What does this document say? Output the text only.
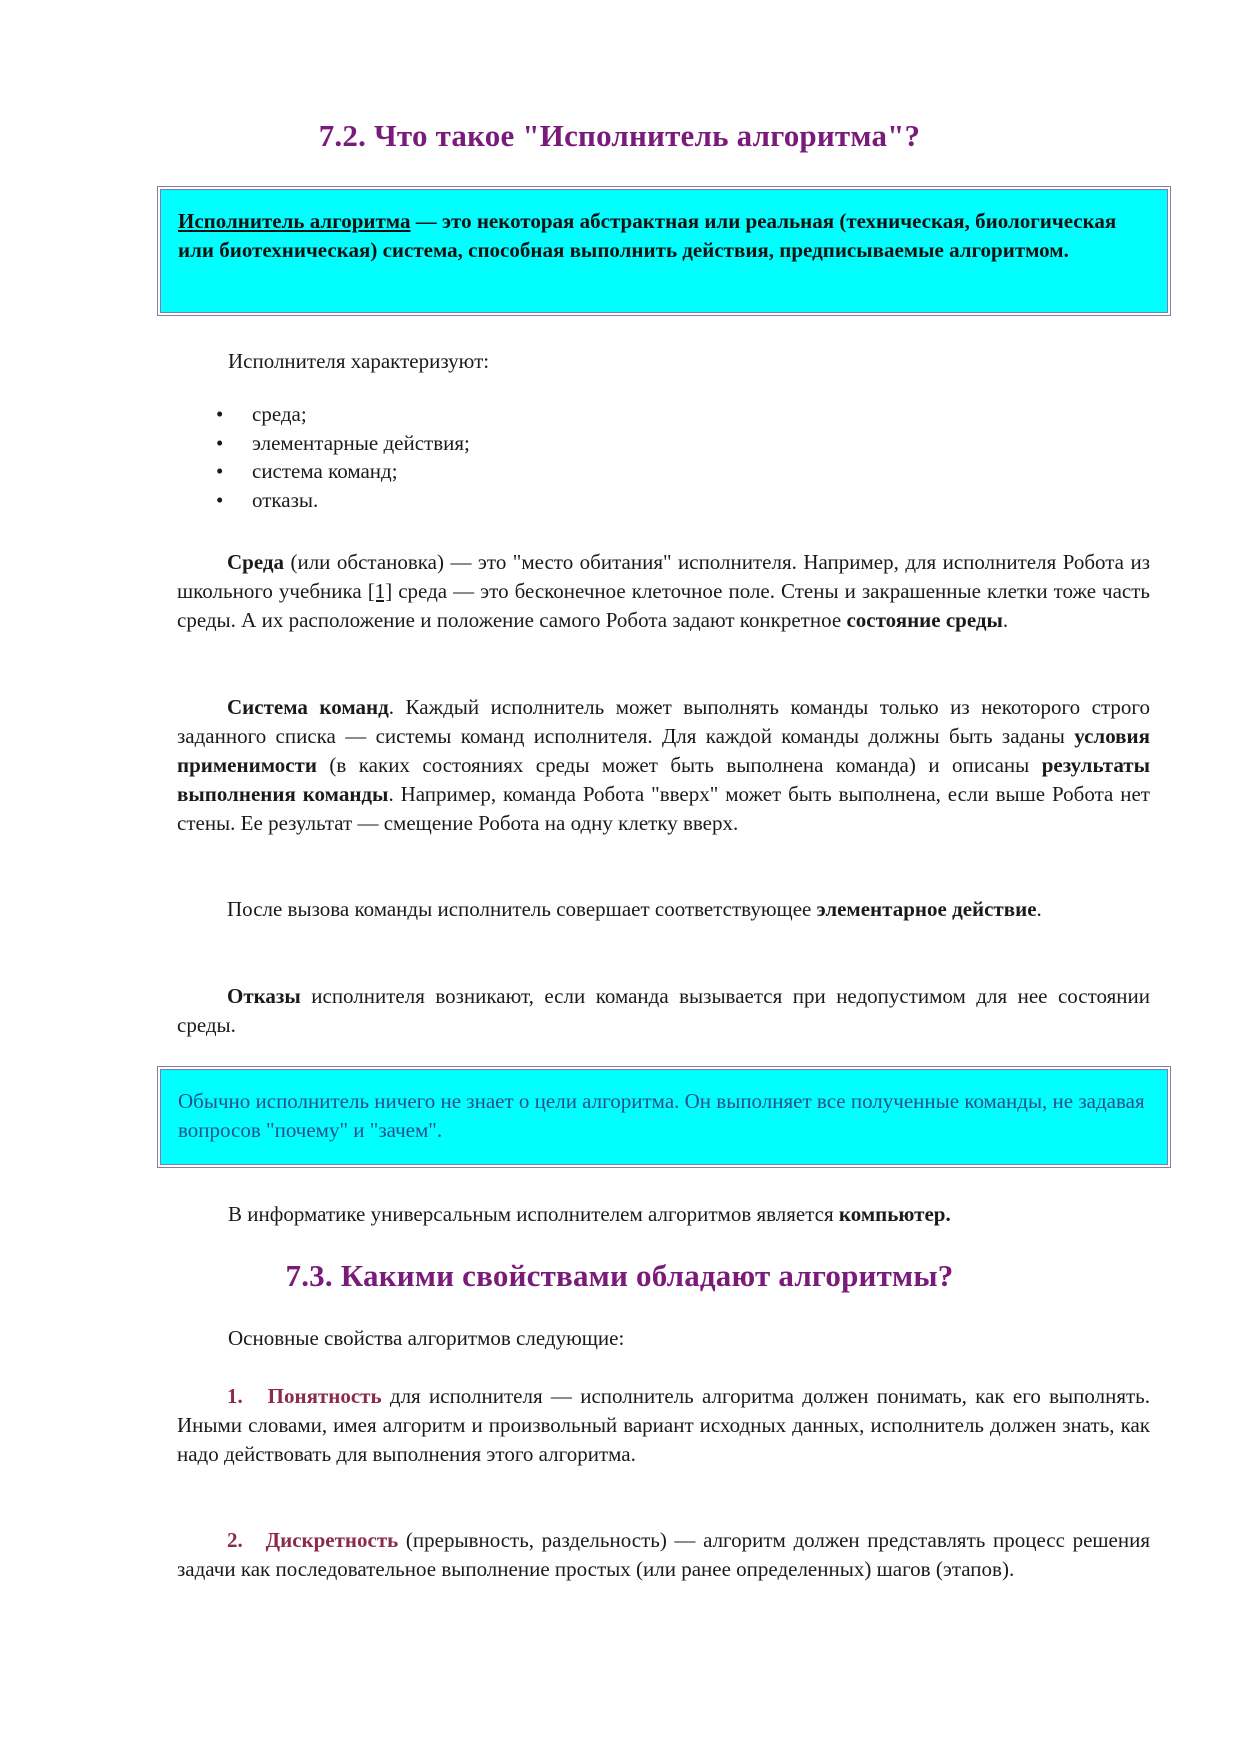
7.2. Что такое "Исполнитель алгоритма"?
Исполнитель алгоритма — это некоторая абстрактная или реальная (техническая, биологическая или биотехническая) система, способная выполнить действия, предписываемые алгоритмом.
Исполнителя характеризуют:
• среда;
• элементарные действия;
• система команд;
• отказы.

Среда (или обстановка) — это "место обитания" исполнителя. Например, для исполнителя Робота из школьного учебника [1] среда — это бесконечное клеточное поле. Стены и закрашенные клетки тоже часть среды. А их расположение и положение самого Робота задают конкретное состояние среды.

Система команд. Каждый исполнитель может выполнять команды только из некоторого строго заданного списка — системы команд исполнителя. Для каждой команды должны быть заданы условия применимости (в каких состояниях среды может быть выполнена команда) и описаны результаты выполнения команды. Например, команда Робота "вверх" может быть выполнена, если выше Робота нет стены. Ее результат — смещение Робота на одну клетку вверх.

После вызова команды исполнитель совершает соответствующее элементарное действие.

Отказы исполнителя возникают, если команда вызывается при недопустимом для нее состоянии среды.

Обычно исполнитель ничего не знает о цели алгоритма. Он выполняет все полученные команды, не задавая вопросов "почему" и "зачем".
В информатике универсальным исполнителем алгоритмов является компьютер.
7.3. Какими свойствами обладают алгоритмы?
Основные свойства алгоритмов следующие:

1. Понятность для исполнителя — исполнитель алгоритма должен понимать, как его выполнять. Иными словами, имея алгоритм и произвольный вариант исходных данных, исполнитель должен знать, как надо действовать для выполнения этого алгоритма.

2. Дискретность (прерывность, раздельность) — алгоритм должен представлять процесс решения задачи как последовательное выполнение простых (или ранее определенных) шагов (этапов).
